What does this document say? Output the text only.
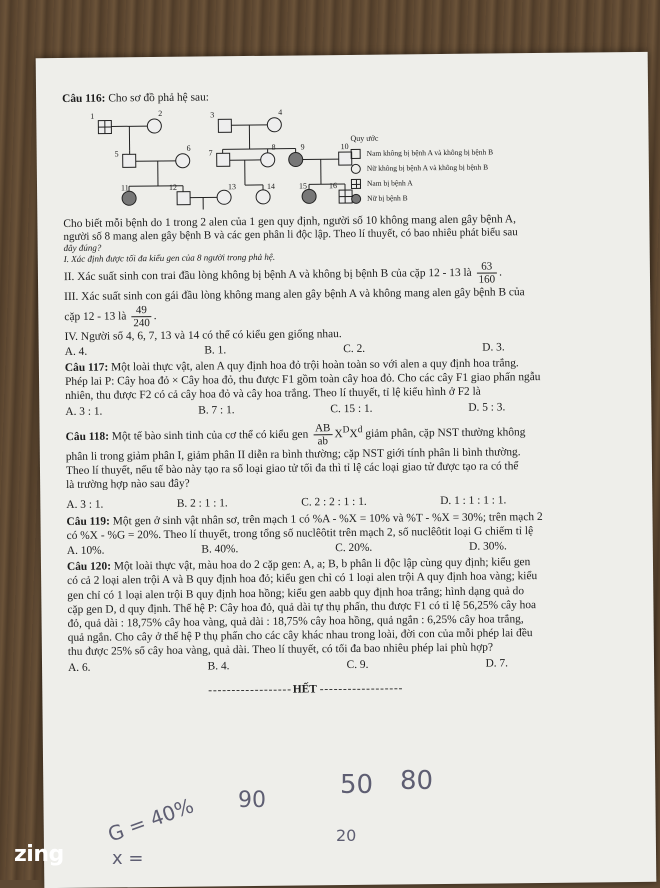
Câu 116: Cho sơ đồ phả hệ sau:
1	2	3	4
5
6
7
8	9	10
11	12	13	14	15	16
Quy ước
Nam không bị bệnh A và không bị bệnh B
Nữ không bị bệnh A và không bị bệnh B
Nam bị bệnh A
Nữ bị bệnh B
Cho biết mỗi bệnh do 1 trong 2 alen của 1 gen quy định, người số 10 không mang alen gây bệnh A,
người số 8 mang alen gây bệnh B và các gen phân li độc lập. Theo lí thuyết, có bao nhiêu phát biểu sau
đây đúng?
I. Xác định được tối đa kiểu gen của 8 người trong phả hệ.
II. Xác suất sinh con trai đầu lòng không bị bệnh A và không bị bệnh B của cặp 12 - 13 là $\frac{63}{160}$ .
III. Xác suất sinh con gái đầu lòng không mang alen gây bệnh A và không mang alen gây bệnh B của
cặp 12 - 13 là $\frac{49}{240}$ .
IV. Người số 4, 6, 7, 13 và 14 có thể có kiểu gen giống nhau.
A. 4.	B. 1.	C. 2.	D. 3.
Câu 117: Một loài thực vật, alen A quy định hoa đỏ trội hoàn toàn so với alen a quy định hoa trắng.
Phép lai P: Cây hoa đỏ × Cây hoa đỏ, thu được F1 gồm toàn cây hoa đỏ. Cho các cây F1 giao phấn ngẫu
nhiên, thu được F2 có cả cây hoa đỏ và cây hoa trắng. Theo lí thuyết, tỉ lệ kiểu hình ở F2 là
A. 3 : 1.	B. 7 : 1.	C. 15 : 1.	D. 5 : 3.
Câu 118: Một tế bào sinh tinh của cơ thể có kiểu gen $\frac{AB}{ab} X^DX^d$ giảm phân, cặp NST thường không
phân li trong giảm phân I, giảm phân II diễn ra bình thường; cặp NST giới tính phân li bình thường.
Theo lí thuyết, nếu tế bào này tạo ra số loại giao tử tối đa thì tỉ lệ các loại giao tử được tạo ra có thể
là trường hợp nào sau đây?
A. 3 : 1.	B. 2 : 1 : 1.	C. 2 : 2 : 1 : 1.	D. 1 : 1 : 1 : 1.
Câu 119: Một gen ở sinh vật nhân sơ, trên mạch 1 có %A - %X = 10% và %T - %X = 30%; trên mạch 2
có %X - %G = 20%. Theo lí thuyết, trong tổng số nuclêôtit trên mạch 2, số nuclêôtit loại G chiếm tỉ lệ
A. 10%.	B. 40%.	C. 20%.	D. 30%.
Câu 120: Một loài thực vật, màu hoa do 2 cặp gen: A, a; B, b phân li độc lập cùng quy định; kiểu gen
có cả 2 loại alen trội A và B quy định hoa đỏ; kiểu gen chỉ có 1 loại alen trội A quy định hoa vàng; kiểu
gen chỉ có 1 loại alen trội B quy định hoa hồng; kiểu gen aabb quy định hoa trắng; hình dạng quả do
cặp gen D, d quy định. Thế hệ P: Cây hoa đỏ, quả dài tự thụ phấn, thu được F1 có tỉ lệ 56,25% cây hoa
đỏ, quả dài : 18,75% cây hoa vàng, quả dài : 18,75% cây hoa hồng, quả ngắn : 6,25% cây hoa trắng,
quả ngắn. Cho cây ở thế hệ P thụ phấn cho các cây khác nhau trong loài, đời con của mỗi phép lai đều
thu được 25% số cây hoa vàng, quả dài. Theo lí thuyết, có tối đa bao nhiêu phép lai phù hợp?
A. 6.	B. 4.	C. 9.	D. 7.
- - - - - - - - - - - - - - - - - - HẾT - - - - - - - - - - - - - - - - - -
50 80
20
90
G = 40%
x =
zing
